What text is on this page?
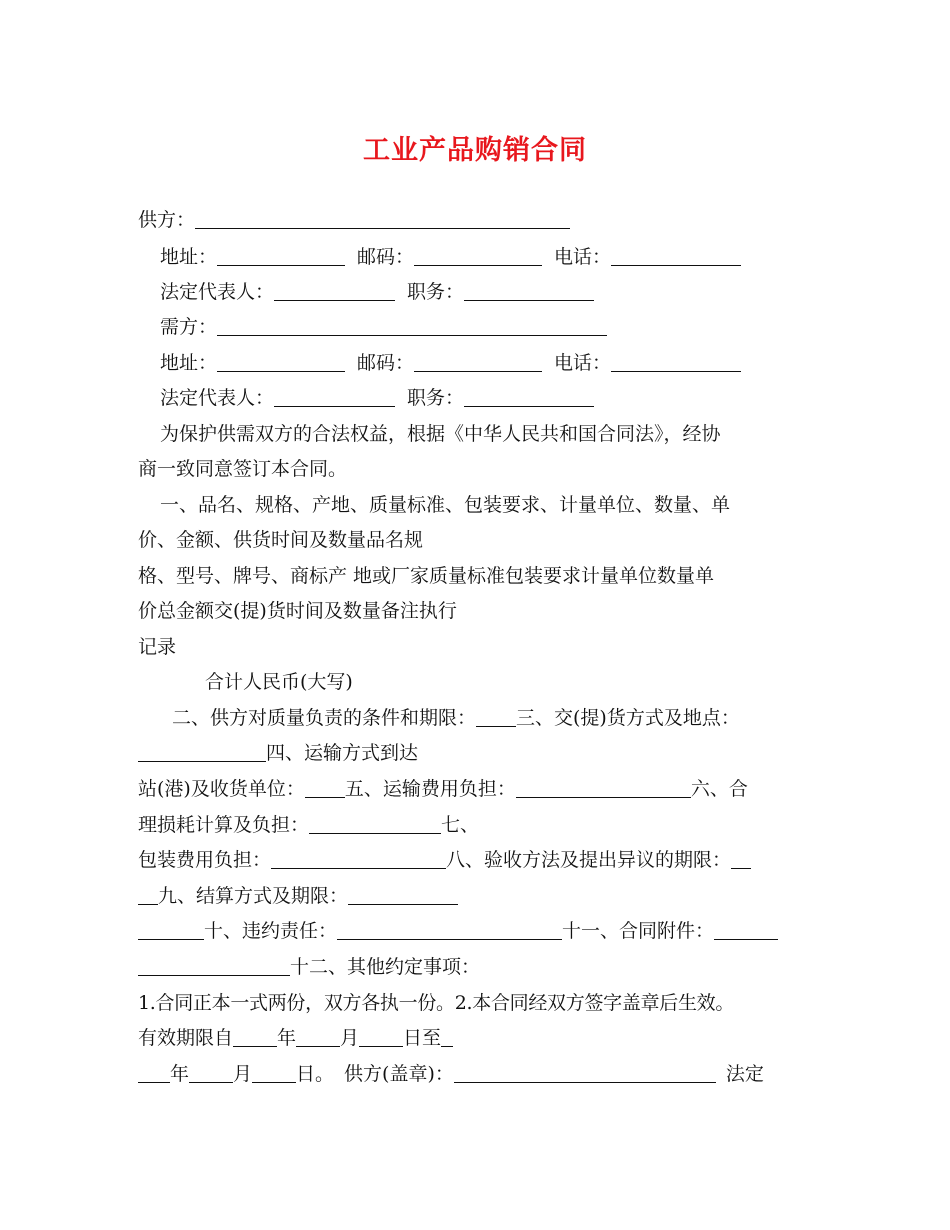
工业产品购销合同
供方：
地址：	邮码：	电话：
法定代表人：	职务：
需方：
地址：	邮码：	电话：
法定代表人：	职务：
为保护供需双方的合法权益，根据《中华人民共和国合同法》，经协
商一致同意签订本合同。
一、品名、规格、产地、质量标准、包装要求、计量单位、数量、单
价、金额、供货时间及数量品名规
格、型号、牌号、商标产 地或厂家质量标准包装要求计量单位数量单
价总金额交(提)货时间及数量备注执行
记录
合计人民币(大写)
二、供方对质量负责的条件和期限： 三、交(提)货方式及地点：
四、运输方式到达
站(港)及收货单位： 五、运输费用负担：	六、合
理损耗计算及负担：	七、
包装费用负担：	八、验收方法及提出异议的期限：
九、结算方式及期限：
十、违约责任：	十一、合同附件：
十二、其他约定事项：
1.合同正本一式两份，双方各执一份。2.本合同经双方签字盖章后生效。
有效期限自 年 月 日至
年 月 日。 供方(盖章)：	法定
